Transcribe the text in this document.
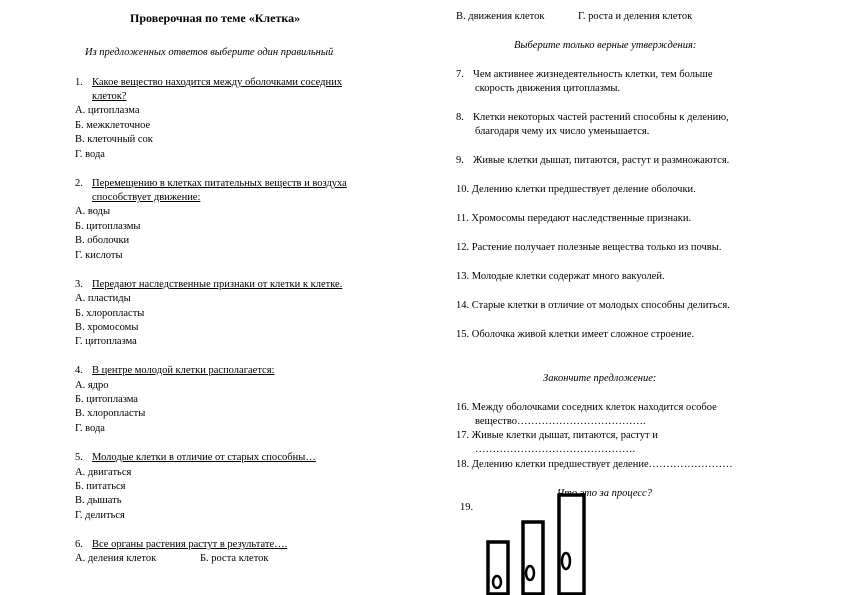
Проверочная по теме «Клетка»
Из предложенных ответов выберите один правильный
1. Какое вещество находится между оболочками соседних
клеток?
А. цитоплазма
Б. межклеточное
В. клеточный сок
Г. вода
2. Перемещению в клетках питательных веществ и воздуха
способствует движение:
А. воды
Б. цитоплазмы
В. оболочки
Г. кислоты
3. Передают наследственные признаки от клетки к клетке.
А. пластиды
Б. хлоропласты
В. хромосомы
Г. цитоплазма
4. В центре молодой клетки располагается:
А. ядро
Б. цитоплазма
В. хлоропласты
Г. вода
5. Молодые клетки в отличие от старых способны…
А. двигаться
Б. питаться
В. дышать
Г. делиться
6. Все органы растения растут в результате….
А. деления клеток	Б. роста клеток
В. движения клеток	Г. роста и деления клеток
Выберите только верные утверждения:
7. Чем активнее жизнедеятельность клетки, тем больше
скорость движения цитоплазмы.
8. Клетки некоторых частей растений способны к делению,
благодаря чему их число уменьшается.
9. Живые клетки дышат, питаются, растут и размножаются.
10. Делению клетки предшествует деление оболочки.
11. Хромосомы передают наследственные признаки.
12. Растение получает полезные вещества только из почвы.
13. Молодые клетки содержат много вакуолей.
14. Старые клетки в отличие от молодых способны делиться.
15. Оболочка живой клетки имеет сложное строение.
Закончите предложение:
16. Между оболочками соседних клеток находится особое
вещество……………………………….
17. Живые клетки дышат, питаются, растут и
……………………………………….
18. Делению клетки предшествует деление……………………
Что это за процесс?
19.
